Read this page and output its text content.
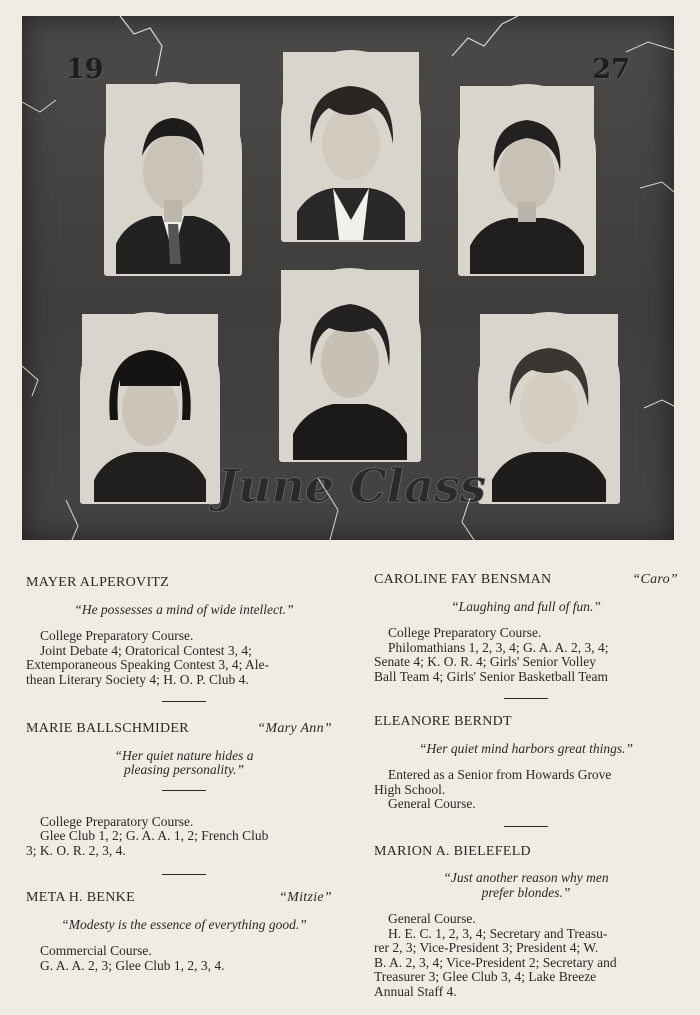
19	27
June Class
MAYER ALPEROVITZ
“He possesses a mind of wide intellect.”
College Preparatory Course.
Joint Debate 4; Oratorical Contest 3, 4;
Extemporaneous Speaking Contest 3, 4; Ale-
thean Literary Society 4; H. O. P. Club 4.
MARIE BALLSCHMIDER	“Mary Ann”
“Her quiet nature hides a
pleasing personality.”
College Preparatory Course.
Glee Club 1, 2; G. A. A. 1, 2; French Club
3; K. O. R. 2, 3, 4.
META H. BENKE	“Mitzie”
“Modesty is the essence of everything good.”
Commercial Course.
G. A. A. 2, 3; Glee Club 1, 2, 3, 4.
CAROLINE FAY BENSMAN	“Caro”
“Laughing and full of fun.”
College Preparatory Course.
Philomathians 1, 2, 3, 4; G. A. A. 2, 3, 4;
Senate 4; K. O. R. 4; Girls' Senior Volley
Ball Team 4; Girls' Senior Basketball Team
ELEANORE BERNDT
“Her quiet mind harbors great things.”
Entered as a Senior from Howards Grove
High School.
General Course.
MARION A. BIELEFELD
“Just another reason why men
prefer blondes.”
General Course.
H. E. C. 1, 2, 3, 4; Secretary and Treasu-
rer 2, 3; Vice-President 3; President 4; W.
B. A. 2, 3, 4; Vice-President 2; Secretary and
Treasurer 3; Glee Club 3, 4; Lake Breeze
Annual Staff 4.
